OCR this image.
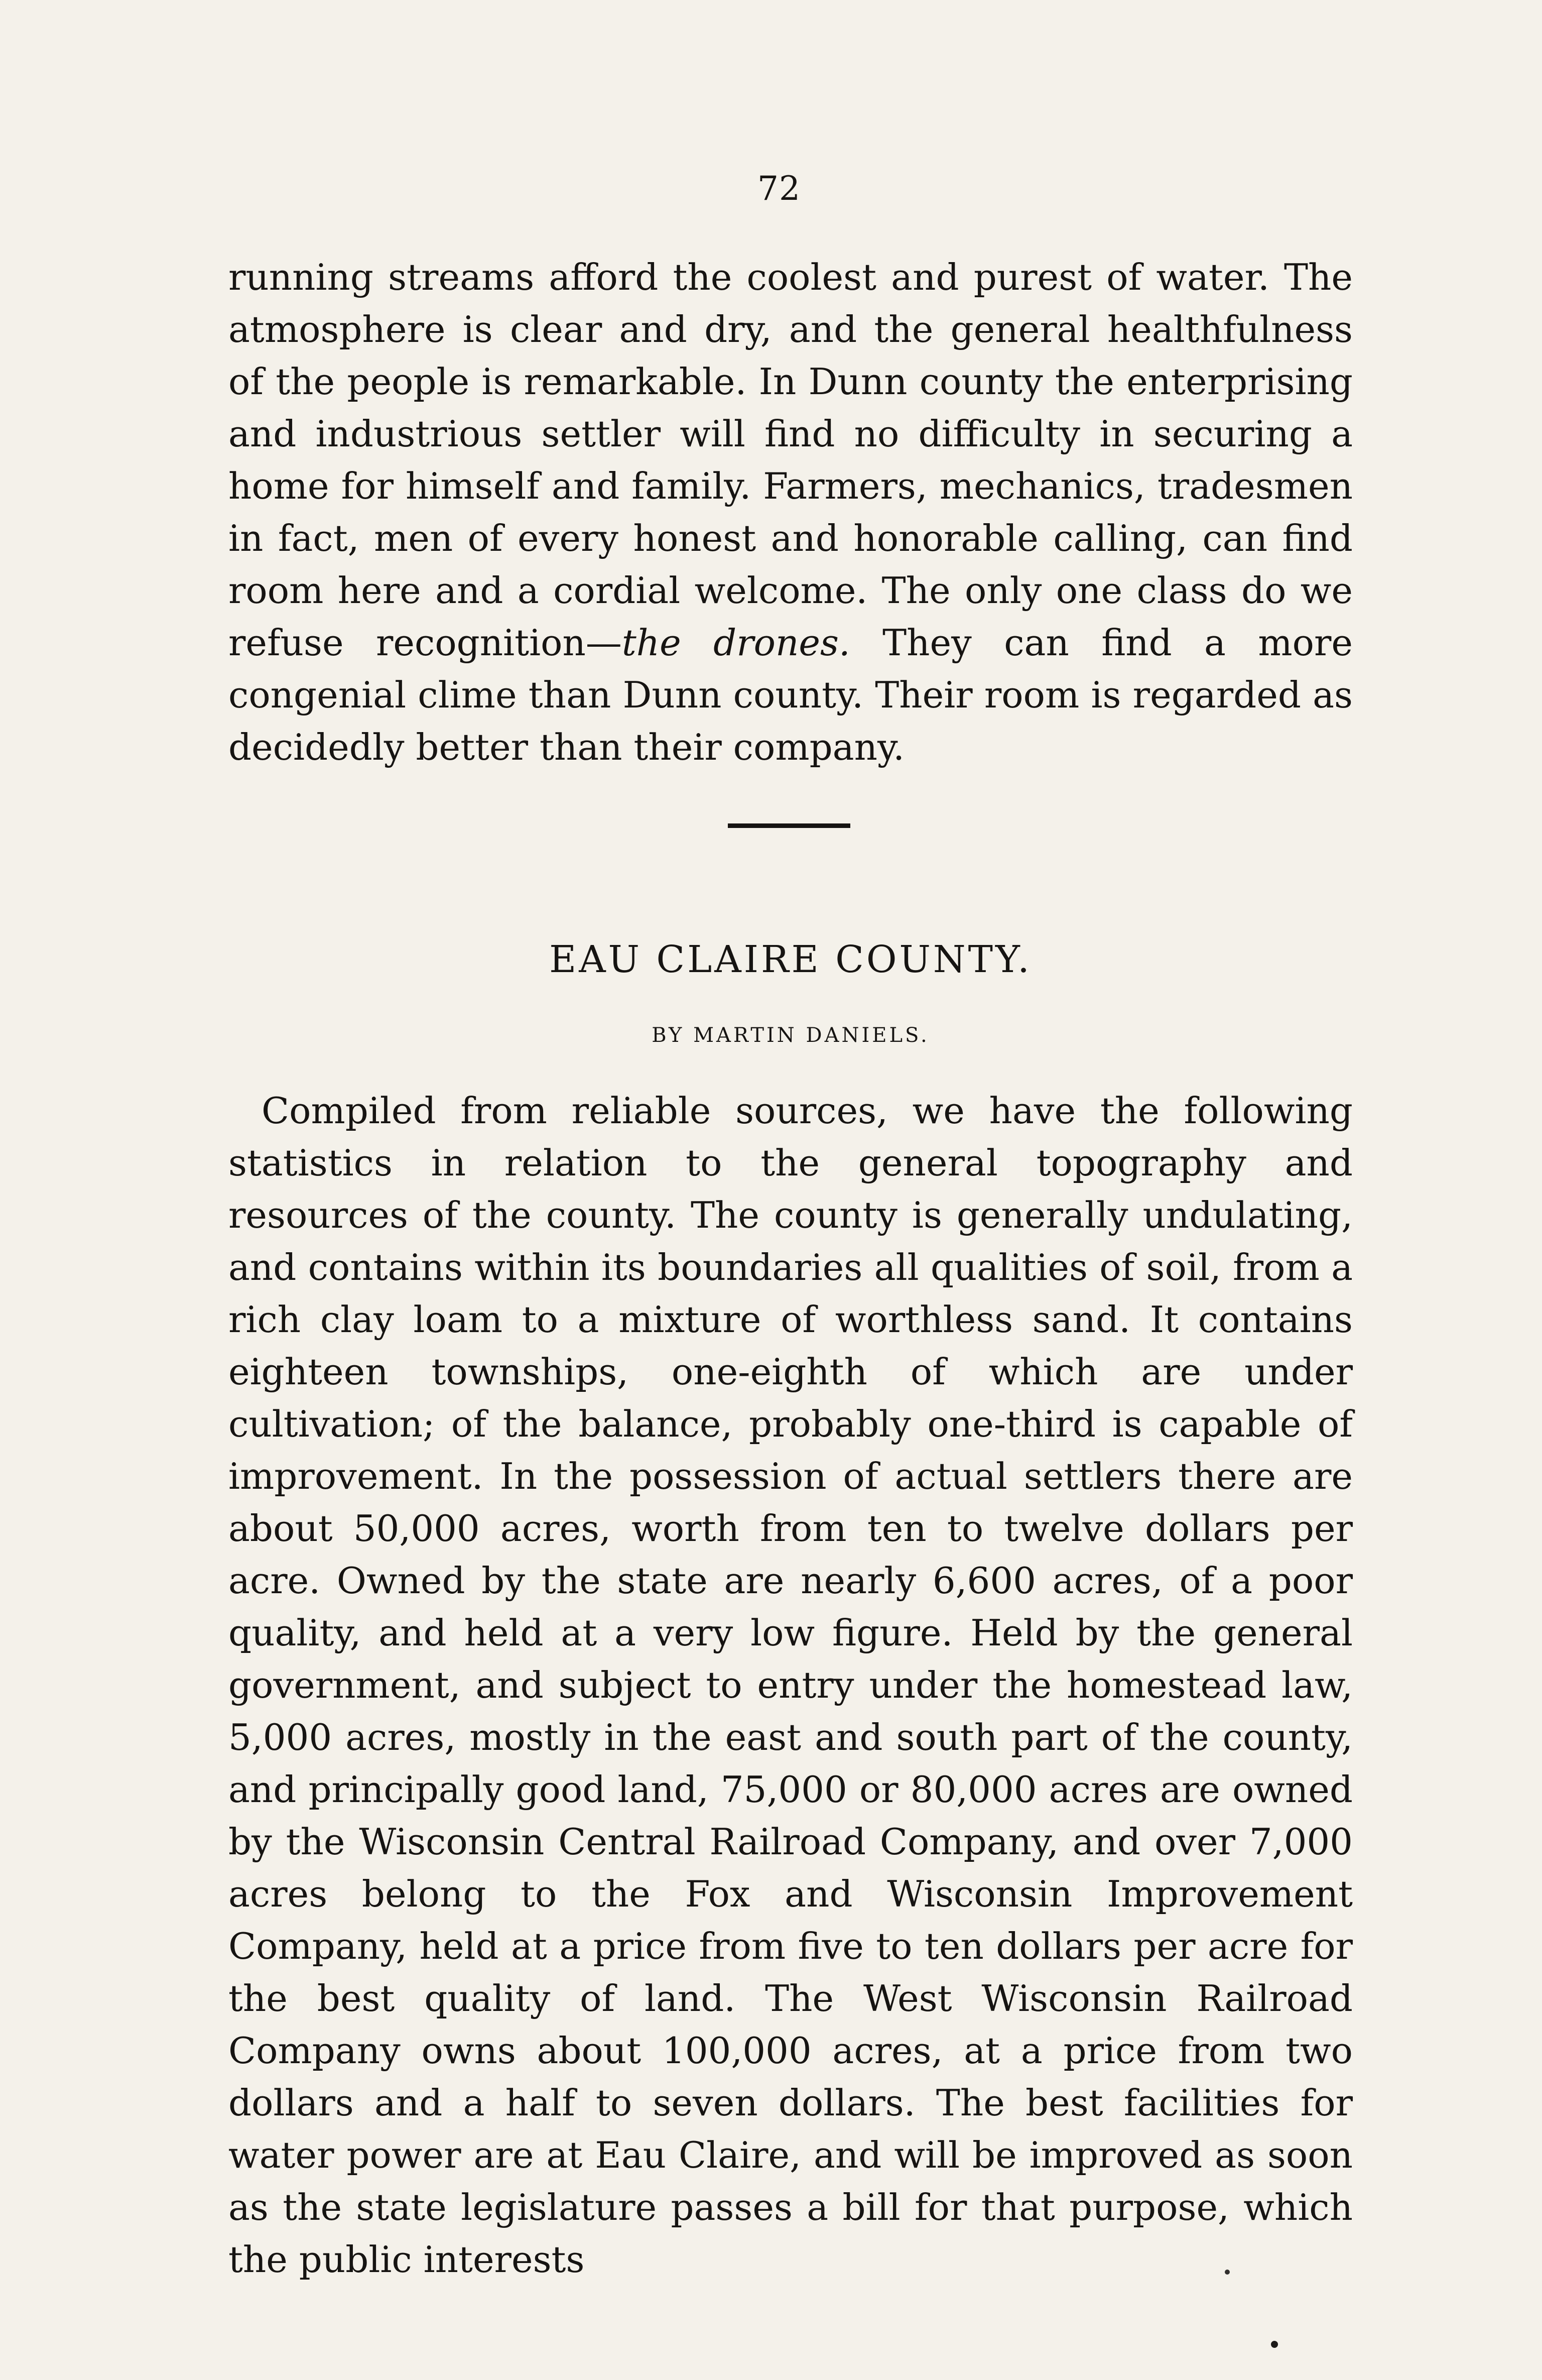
72

running streams afford the coolest and purest of water. The atmosphere is clear and dry, and the general healthfulness of the people is remarkable. In Dunn county the enterprising and industrious settler will find no difficulty in securing a home for himself and family. Farmers, mechanics, tradesmen in fact, men of every honest and honorable calling, can find room here and a cordial welcome. The only one class do we refuse recognition—the drones. They can find a more congenial clime than Dunn county. Their room is regarded as decidedly better than their company.

EAU CLAIRE COUNTY.
BY MARTIN DANIELS.

Compiled from reliable sources, we have the following statistics in relation to the general topography and resources of the county. The county is generally undulating, and contains within its boundaries all qualities of soil, from a rich clay loam to a mixture of worthless sand. It contains eighteen townships, one-eighth of which are under cultivation; of the balance, probably one-third is capable of improvement. In the possession of actual settlers there are about 50,000 acres, worth from ten to twelve dollars per acre. Owned by the state are nearly 6,600 acres, of a poor quality, and held at a very low figure. Held by the general government, and subject to entry under the homestead law, 5,000 acres, mostly in the east and south part of the county, and principally good land, 75,000 or 80,000 acres are owned by the Wisconsin Central Railroad Company, and over 7,000 acres belong to the Fox and Wisconsin Improvement Company, held at a price from five to ten dollars per acre for the best quality of land. The West Wisconsin Railroad Company owns about 100,000 acres, at a price from two dollars and a half to seven dollars. The best facilities for water power are at Eau Claire, and will be improved as soon as the state legislature passes a bill for that purpose, which the public interests
